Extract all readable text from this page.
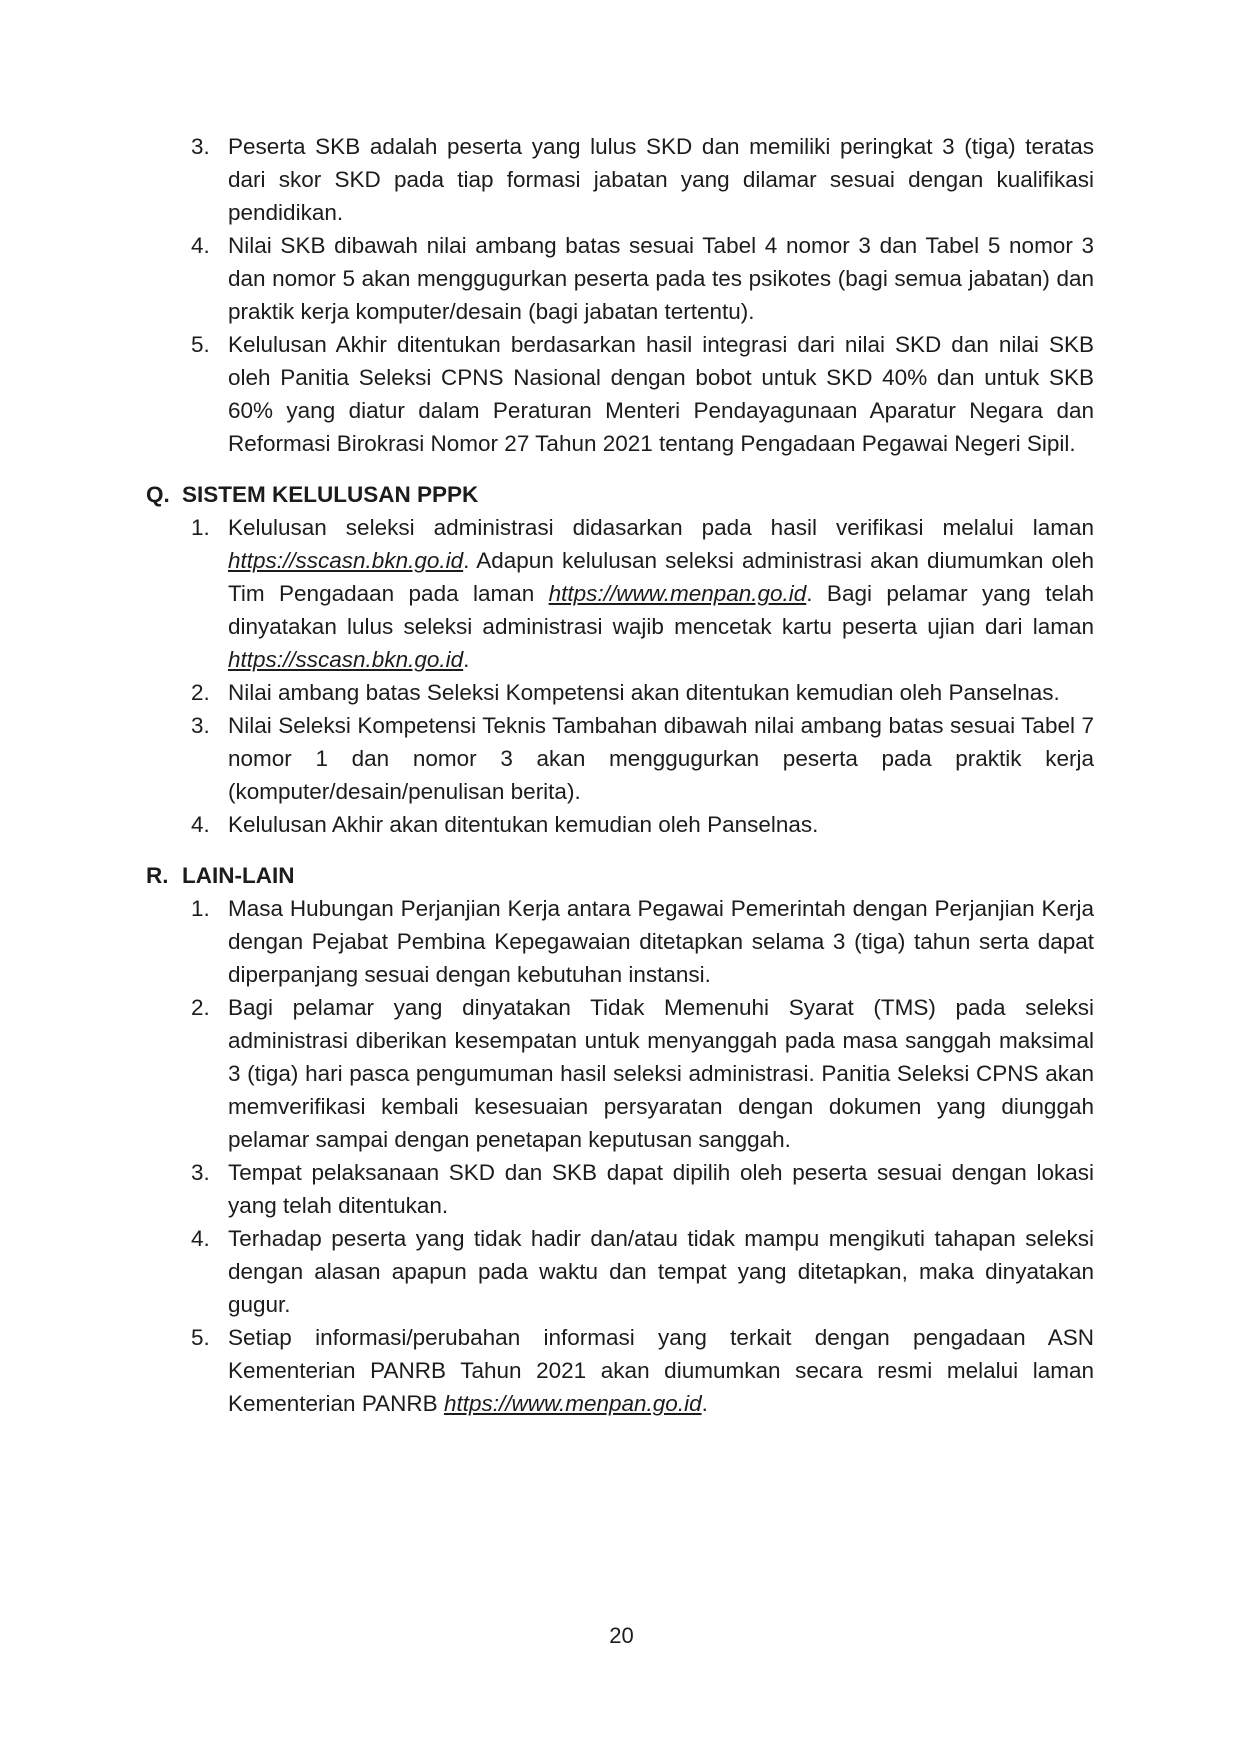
3. Peserta SKB adalah peserta yang lulus SKD dan memiliki peringkat 3 (tiga) teratas dari skor SKD pada tiap formasi jabatan yang dilamar sesuai dengan kualifikasi pendidikan.
4. Nilai SKB dibawah nilai ambang batas sesuai Tabel 4 nomor 3 dan Tabel 5 nomor 3 dan nomor 5 akan menggugurkan peserta pada tes psikotes (bagi semua jabatan) dan praktik kerja komputer/desain (bagi jabatan tertentu).
5. Kelulusan Akhir ditentukan berdasarkan hasil integrasi dari nilai SKD dan nilai SKB oleh Panitia Seleksi CPNS Nasional dengan bobot untuk SKD 40% dan untuk SKB 60% yang diatur dalam Peraturan Menteri Pendayagunaan Aparatur Negara dan Reformasi Birokrasi Nomor 27 Tahun 2021 tentang Pengadaan Pegawai Negeri Sipil.
Q. SISTEM KELULUSAN PPPK
1. Kelulusan seleksi administrasi didasarkan pada hasil verifikasi melalui laman https://sscasn.bkn.go.id. Adapun kelulusan seleksi administrasi akan diumumkan oleh Tim Pengadaan pada laman https://www.menpan.go.id. Bagi pelamar yang telah dinyatakan lulus seleksi administrasi wajib mencetak kartu peserta ujian dari laman https://sscasn.bkn.go.id.
2. Nilai ambang batas Seleksi Kompetensi akan ditentukan kemudian oleh Panselnas.
3. Nilai Seleksi Kompetensi Teknis Tambahan dibawah nilai ambang batas sesuai Tabel 7 nomor 1 dan nomor 3 akan menggugurkan peserta pada praktik kerja (komputer/desain/penulisan berita).
4. Kelulusan Akhir akan ditentukan kemudian oleh Panselnas.
R. LAIN-LAIN
1. Masa Hubungan Perjanjian Kerja antara Pegawai Pemerintah dengan Perjanjian Kerja dengan Pejabat Pembina Kepegawaian ditetapkan selama 3 (tiga) tahun serta dapat diperpanjang sesuai dengan kebutuhan instansi.
2. Bagi pelamar yang dinyatakan Tidak Memenuhi Syarat (TMS) pada seleksi administrasi diberikan kesempatan untuk menyanggah pada masa sanggah maksimal 3 (tiga) hari pasca pengumuman hasil seleksi administrasi. Panitia Seleksi CPNS akan memverifikasi kembali kesesuaian persyaratan dengan dokumen yang diunggah pelamar sampai dengan penetapan keputusan sanggah.
3. Tempat pelaksanaan SKD dan SKB dapat dipilih oleh peserta sesuai dengan lokasi yang telah ditentukan.
4. Terhadap peserta yang tidak hadir dan/atau tidak mampu mengikuti tahapan seleksi dengan alasan apapun pada waktu dan tempat yang ditetapkan, maka dinyatakan gugur.
5. Setiap informasi/perubahan informasi yang terkait dengan pengadaan ASN Kementerian PANRB Tahun 2021 akan diumumkan secara resmi melalui laman Kementerian PANRB https://www.menpan.go.id.
20
